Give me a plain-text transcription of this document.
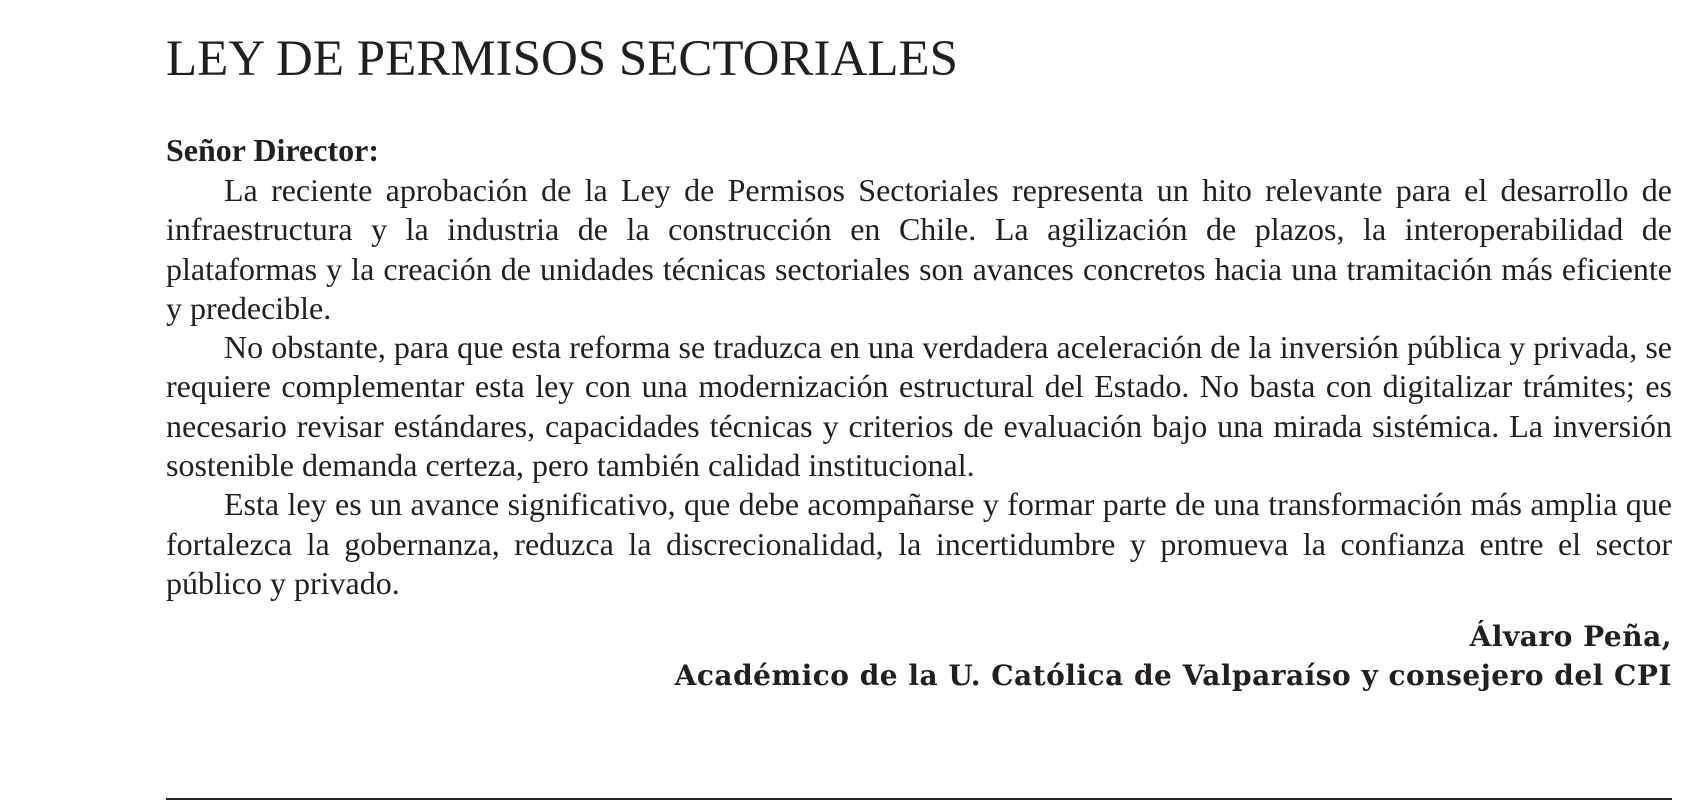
LEY DE PERMISOS SECTORIALES

Señor Director:

La reciente aprobación de la Ley de Permisos Sectoriales representa un hito relevante para el desarrollo de infraestructura y la industria de la construcción en Chile. La agilización de plazos, la interoperabilidad de plataformas y la creación de unidades técnicas sectoriales son avances concretos hacia una tramitación más eficiente y predecible.

No obstante, para que esta reforma se traduzca en una verdadera aceleración de la inversión pública y privada, se requiere complementar esta ley con una modernización estructural del Estado. No basta con digitalizar trámites; es necesario revisar estándares, capacidades técnicas y criterios de evaluación bajo una mirada sistémica. La inversión sostenible demanda certeza, pero también calidad institucional.

Esta ley es un avance significativo, que debe acompañarse y formar parte de una transformación más amplia que fortalezca la gobernanza, reduzca la discrecionalidad, la incertidumbre y promueva la confianza entre el sector público y privado.

Álvaro Peña,
Académico de la U. Católica de Valparaíso y consejero del CPI
